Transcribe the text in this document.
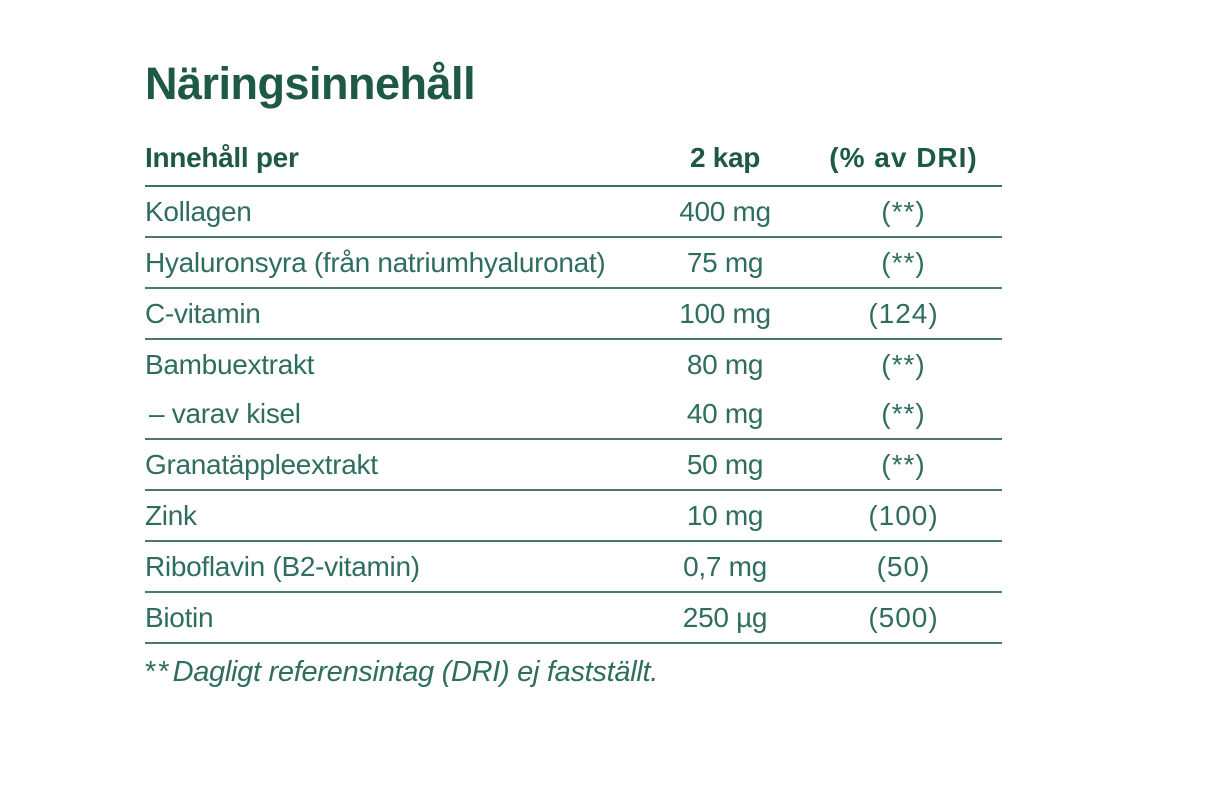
Näringsinnehåll
Innehåll per	2 kap	(% av DRI)
Kollagen	400 mg	(**)
Hyaluronsyra (från natriumhyaluronat)	75 mg	(**)
C-vitamin	100 mg	(124)
Bambuextrakt	80 mg	(**)
– varav kisel	40 mg	(**)
Granatäppleextrakt	50 mg	(**)
Zink	10 mg	(100)
Riboflavin (B2-vitamin)	0,7 mg	(50)
Biotin	250 µg	(500)

**Dagligt referensintag (DRI) ej fastställt.
